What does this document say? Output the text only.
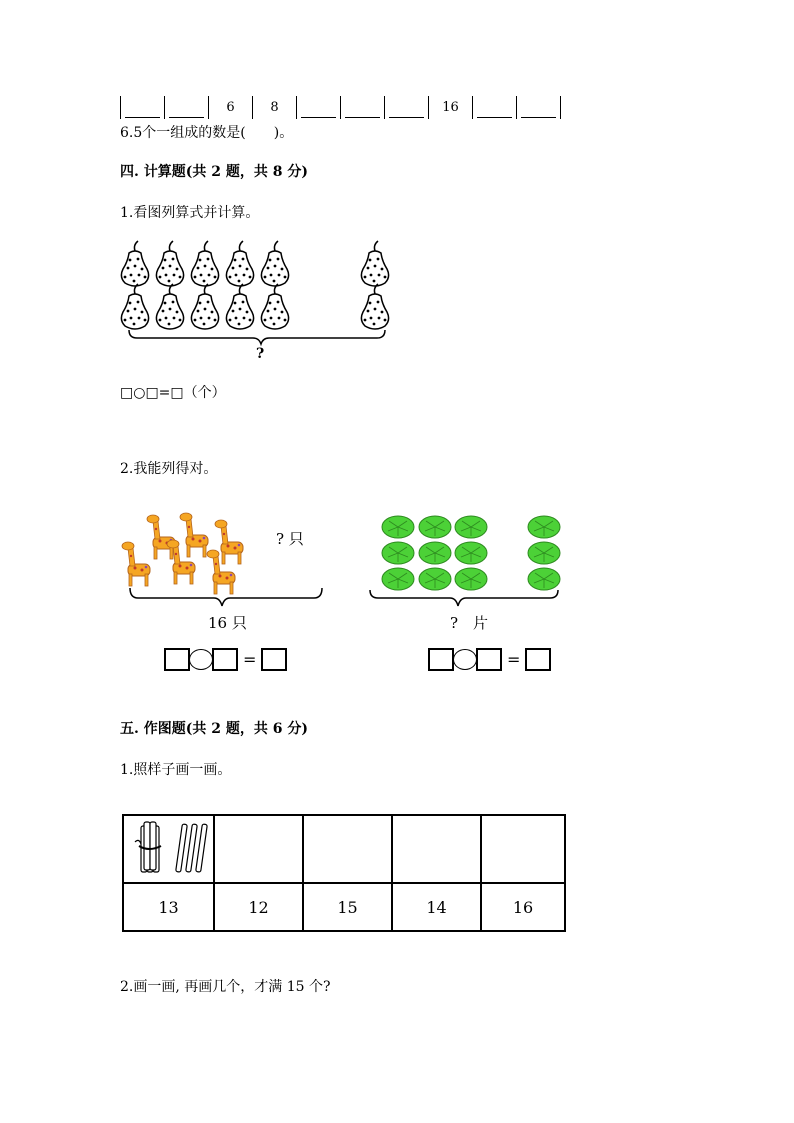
6	8	16
6.5个一组成的数是(　　)。
四. 计算题(共 2 题，共 8 分)
1.看图列算式并计算。
?
□○□=□（个）
2.我能列得对。
? 只
16 只	?　片
=	=
五. 作图题(共 2 题，共 6 分)
1.照样子画一画。

13	12	15	14	16
2.画一画, 再画几个，才满 15 个?
